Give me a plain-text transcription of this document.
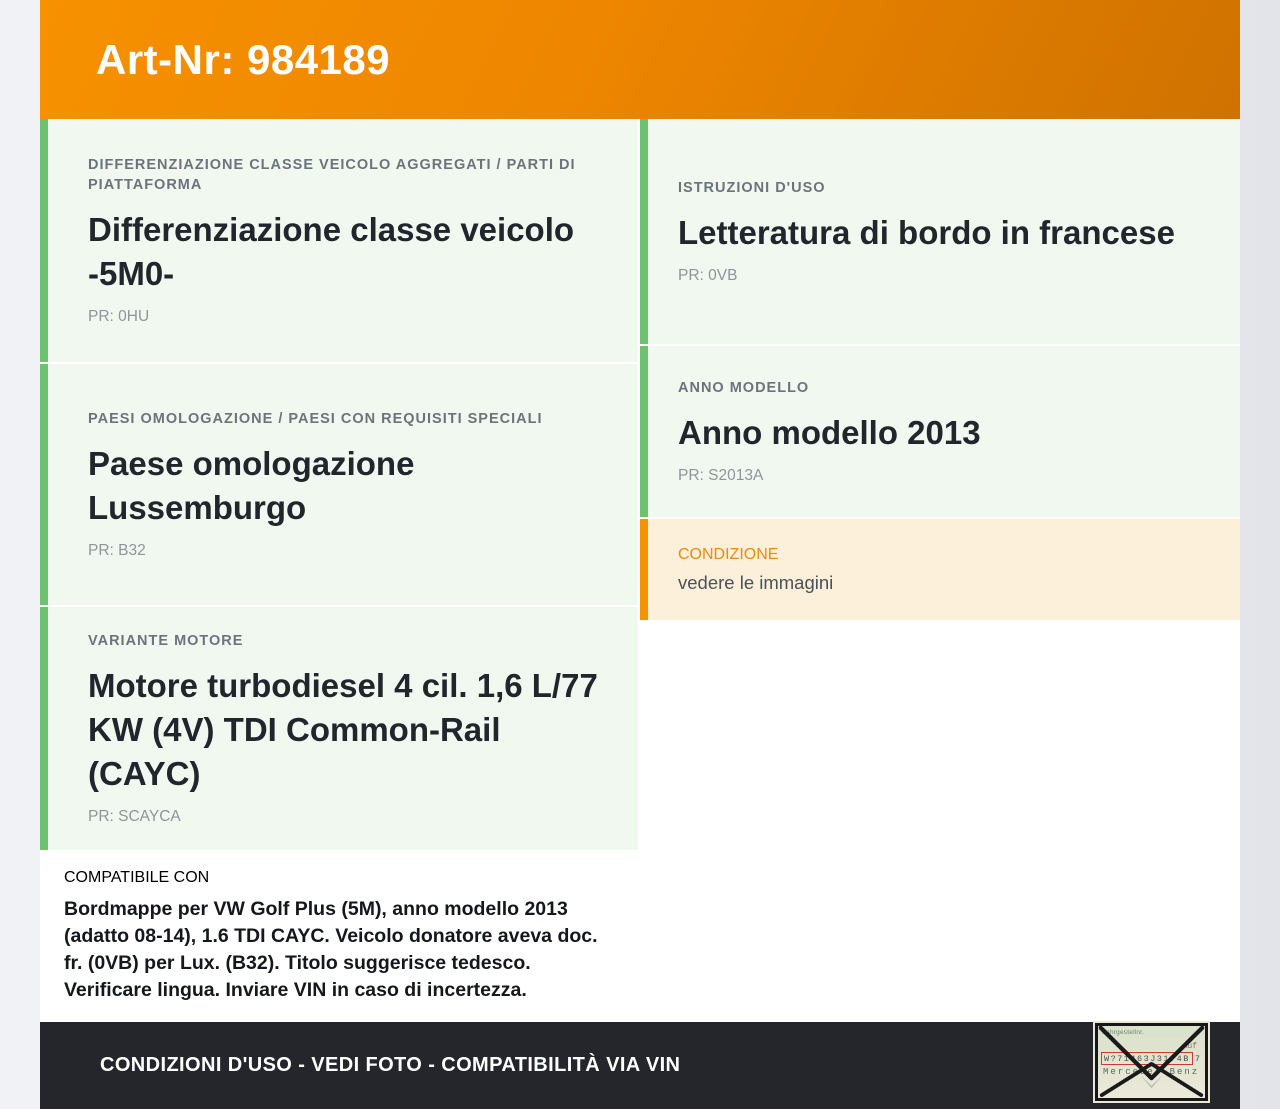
Art-Nr: 984189
DIFFERENZIAZIONE CLASSE VEICOLO AGGREGATI / PARTI DI PIATTAFORMA
Differenziazione classe veicolo -5M0-
PR: 0HU
PAESI OMOLOGAZIONE / PAESI CON REQUISITI SPECIALI
Paese omologazione Lussemburgo
PR: B32
VARIANTE MOTORE
Motore turbodiesel 4 cil. 1,6 L/77 KW (4V) TDI Common-Rail (CAYC)
PR: SCAYCA
COMPATIBILE CON
Bordmappe per VW Golf Plus (5M), anno modello 2013 (adatto 08-14), 1.6 TDI CAYC. Veicolo donatore aveva doc. fr. (0VB) per Lux. (B32). Titolo suggerisce tedesco. Verificare lingua. Inviare VIN in caso di incertezza.
ISTRUZIONI D'USO
Letteratura di bordo in francese
PR: 0VB
ANNO MODELLO
Anno modello 2013
PR: S2013A
CONDIZIONE
vedere le immagini
CONDIZIONI D'USO - VEDI FOTO - COMPATIBILITÀ VIA VIN
Fahrgestellnr.
Auf
W?71463J31?4B 7
Mercedes-Benz
